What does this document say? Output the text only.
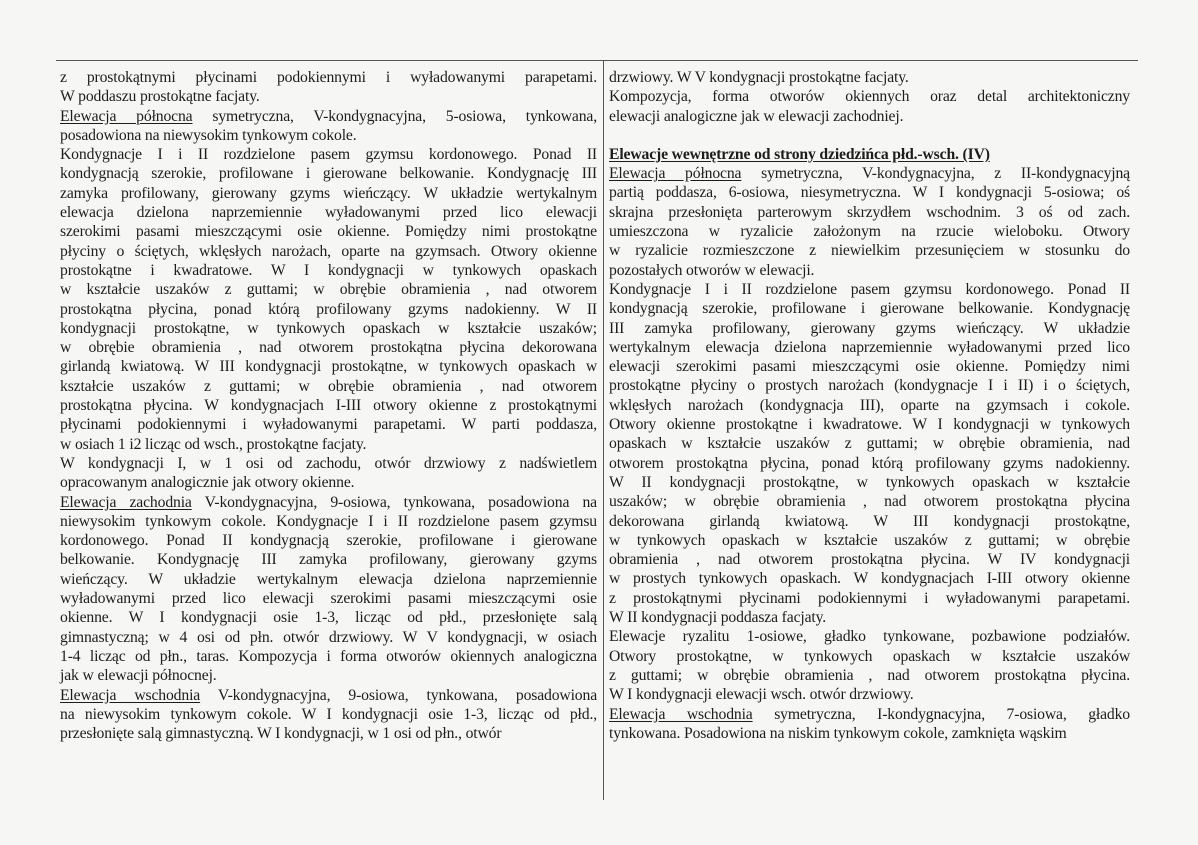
z prostokątnymi płycinami podokiennymi i wyładowanymi parapetami.
W poddaszu prostokątne facjaty.
Elewacja północna symetryczna, V-kondygnacyjna, 5-osiowa, tynkowana,
posadowiona na niewysokim tynkowym cokole.
Kondygnacje I i II rozdzielone pasem gzymsu kordonowego. Ponad II
kondygnacją szerokie, profilowane i gierowane belkowanie. Kondygnację III
zamyka profilowany, gierowany gzyms wieńczący. W układzie wertykalnym
elewacja dzielona naprzemiennie wyładowanymi przed lico elewacji
szerokimi pasami mieszczącymi osie okienne. Pomiędzy nimi prostokątne
płyciny o ściętych, wklęsłych narożach, oparte na gzymsach. Otwory okienne
prostokątne i kwadratowe. W I kondygnacji w tynkowych opaskach
w kształcie uszaków z guttami; w obrębie obramienia , nad otworem
prostokątna płycina, ponad którą profilowany gzyms nadokienny. W II
kondygnacji prostokątne, w tynkowych opaskach w kształcie uszaków;
w obrębie obramienia , nad otworem prostokątna płycina dekorowana
girlandą kwiatową. W III kondygnacji prostokątne, w tynkowych opaskach w
kształcie uszaków z guttami; w obrębie obramienia , nad otworem
prostokątna płycina. W kondygnacjach I-III otwory okienne z prostokątnymi
płycinami podokiennymi i wyładowanymi parapetami. W parti poddasza,
w osiach 1 i2 licząc od wsch., prostokątne facjaty.
W kondygnacji I, w 1 osi od zachodu, otwór drzwiowy z nadświetlem
opracowanym analogicznie jak otwory okienne.
Elewacja zachodnia V-kondygnacyjna, 9-osiowa, tynkowana, posadowiona na
niewysokim tynkowym cokole. Kondygnacje I i II rozdzielone pasem gzymsu
kordonowego. Ponad II kondygnacją szerokie, profilowane i gierowane
belkowanie. Kondygnację III zamyka profilowany, gierowany gzyms
wieńczący. W układzie wertykalnym elewacja dzielona naprzemiennie
wyładowanymi przed lico elewacji szerokimi pasami mieszczącymi osie
okienne. W I kondygnacji osie 1-3, licząc od płd., przesłonięte salą
gimnastyczną; w 4 osi od płn. otwór drzwiowy. W V kondygnacji, w osiach
1-4 licząc od płn., taras. Kompozycja i forma otworów okiennych analogiczna
jak w elewacji północnej.
Elewacja wschodnia V-kondygnacyjna, 9-osiowa, tynkowana, posadowiona
na niewysokim tynkowym cokole. W I kondygnacji osie 1-3, licząc od płd.,
przesłonięte salą gimnastyczną. W I kondygnacji, w 1 osi od płn., otwór
drzwiowy. W V kondygnacji prostokątne facjaty.
Kompozycja, forma otworów okiennych oraz detal architektoniczny
elewacji analogiczne jak w elewacji zachodniej.
Elewacje wewnętrzne od strony dziedzińca płd.-wsch. (IV)
Elewacja północna symetryczna, V-kondygnacyjna, z II-kondygnacyjną
partią poddasza, 6-osiowa, niesymetryczna. W I kondygnacji 5-osiowa; oś
skrajna przesłonięta parterowym skrzydłem wschodnim. 3 oś od zach.
umieszczona w ryzalicie założonym na rzucie wieloboku. Otwory
w ryzalicie rozmieszczone z niewielkim przesunięciem w stosunku do
pozostałych otworów w elewacji.
Kondygnacje I i II rozdzielone pasem gzymsu kordonowego. Ponad II
kondygnacją szerokie, profilowane i gierowane belkowanie. Kondygnację
III zamyka profilowany, gierowany gzyms wieńczący. W układzie
wertykalnym elewacja dzielona naprzemiennie wyładowanymi przed lico
elewacji szerokimi pasami mieszczącymi osie okienne. Pomiędzy nimi
prostokątne płyciny o prostych narożach (kondygnacje I i II) i o ściętych,
wklęsłych narożach (kondygnacja III), oparte na gzymsach i cokole.
Otwory okienne prostokątne i kwadratowe. W I kondygnacji w tynkowych
opaskach w kształcie uszaków z guttami; w obrębie obramienia, nad
otworem prostokątna płycina, ponad którą profilowany gzyms nadokienny.
W II kondygnacji prostokątne, w tynkowych opaskach w kształcie
uszaków; w obrębie obramienia , nad otworem prostokątna płycina
dekorowana girlandą kwiatową. W III kondygnacji prostokątne,
w tynkowych opaskach w kształcie uszaków z guttami; w obrębie
obramienia , nad otworem prostokątna płycina. W IV kondygnacji
w prostych tynkowych opaskach. W kondygnacjach I-III otwory okienne
z prostokątnymi płycinami podokiennymi i wyładowanymi parapetami.
W II kondygnacji poddasza facjaty.
Elewacje ryzalitu 1-osiowe, gładko tynkowane, pozbawione podziałów.
Otwory prostokątne, w tynkowych opaskach w kształcie uszaków
z guttami; w obrębie obramienia , nad otworem prostokątna płycina.
W I kondygnacji elewacji wsch. otwór drzwiowy.
Elewacja wschodnia symetryczna, I-kondygnacyjna, 7-osiowa, gładko
tynkowana. Posadowiona na niskim tynkowym cokole, zamknięta wąskim
